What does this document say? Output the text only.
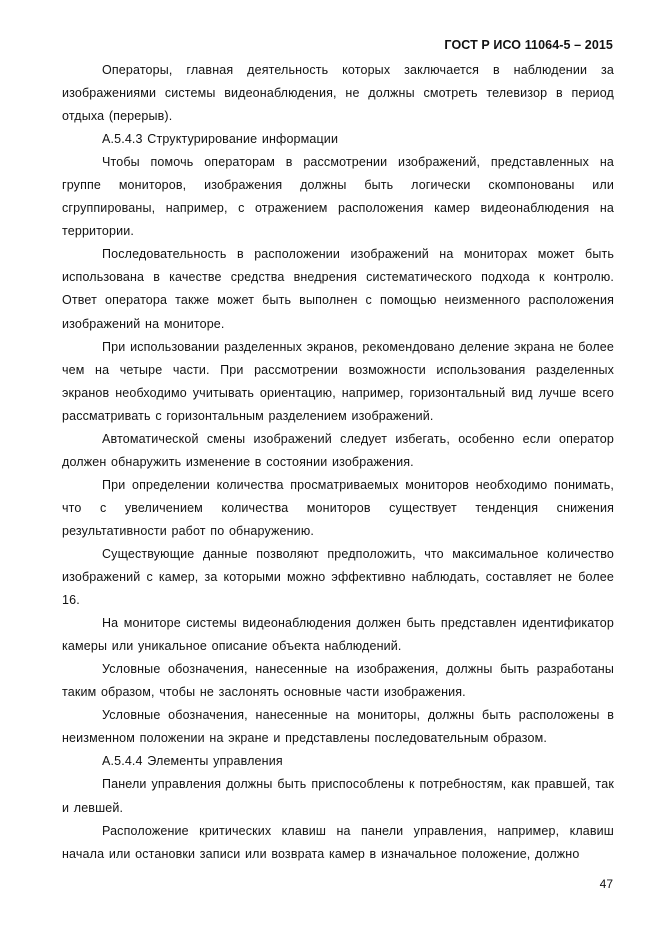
ГОСТ Р ИСО 11064-5 – 2015

Операторы, главная деятельность которых заключается в наблюдении за изображениями системы видеонаблюдения, не должны смотреть телевизор в период отдыха (перерыв).

А.5.4.3 Структурирование информации

Чтобы помочь операторам в рассмотрении изображений, представленных на группе мониторов, изображения должны быть логически скомпонованы или сгруппированы, например, с отражением расположения камер видеонаблюдения на территории.

Последовательность в расположении изображений на мониторах может быть использована в качестве средства внедрения систематического подхода к контролю. Ответ оператора также может быть выполнен с помощью неизменного расположения изображений на мониторе.

При использовании разделенных экранов, рекомендовано деление экрана не более чем на четыре части. При рассмотрении возможности использования разделенных экранов необходимо учитывать ориентацию, например, горизонтальный вид лучше всего рассматривать с горизонтальным разделением изображений.

Автоматической смены изображений следует избегать, особенно если оператор должен обнаружить изменение в состоянии изображения.

При определении количества просматриваемых мониторов необходимо понимать, что с увеличением количества мониторов существует тенденция снижения результативности работ по обнаружению.

Существующие данные позволяют предположить, что максимальное количество изображений с камер, за которыми можно эффективно наблюдать, составляет не более 16.

На мониторе системы видеонаблюдения должен быть представлен идентификатор камеры или уникальное описание объекта наблюдений.

Условные обозначения, нанесенные на изображения, должны быть разработаны таким образом, чтобы не заслонять основные части изображения.

Условные обозначения, нанесенные на мониторы, должны быть расположены в неизменном положении на экране и представлены последовательным образом.

А.5.4.4 Элементы управления

Панели управления должны быть приспособлены к потребностям, как правшей, так и левшей.

Расположение критических клавиш на панели управления, например, клавиш начала или остановки записи или возврата камер в изначальное положение, должно

47
